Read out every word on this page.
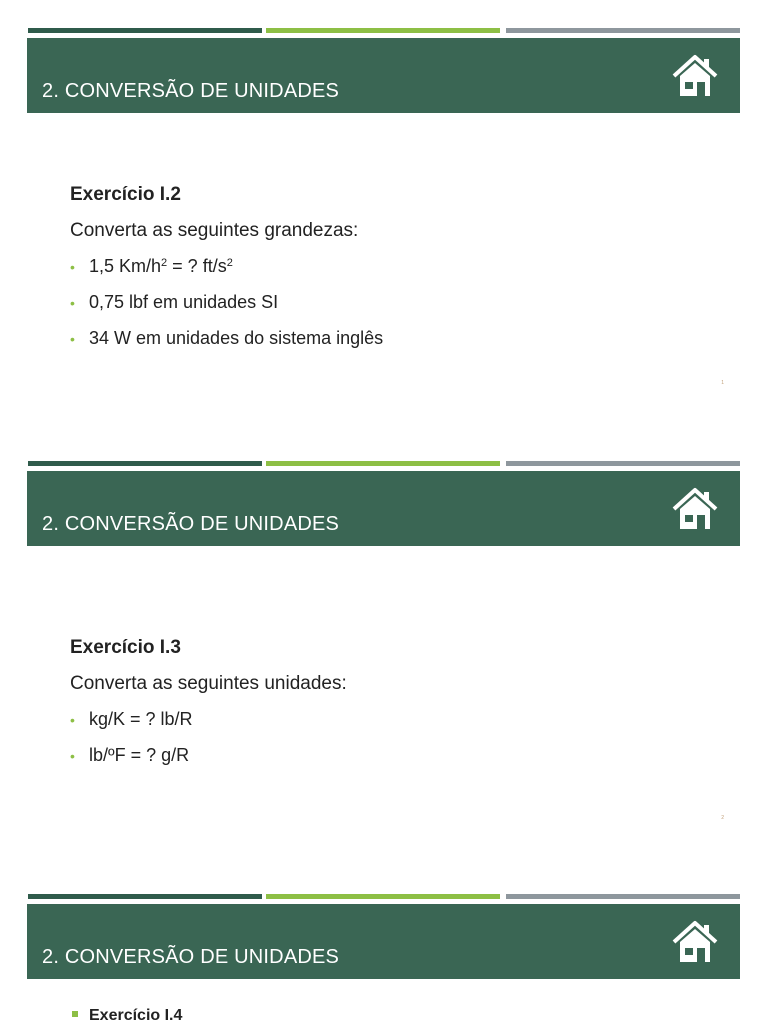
2. CONVERSÃO DE UNIDADES
Exercício I.2
Converta as seguintes grandezas:
• 1,5 $Km/h^2$ = ? $ft/s^2$
• 0,75 lbf em unidades SI
• 34 W em unidades do sistema inglês
1
2. CONVERSÃO DE UNIDADES
Exercício I.3
Converta as seguintes unidades:
• kg/K = ? lb/R
• lb/ºF = ? g/R
2
2. CONVERSÃO DE UNIDADES
Exercício I.4
